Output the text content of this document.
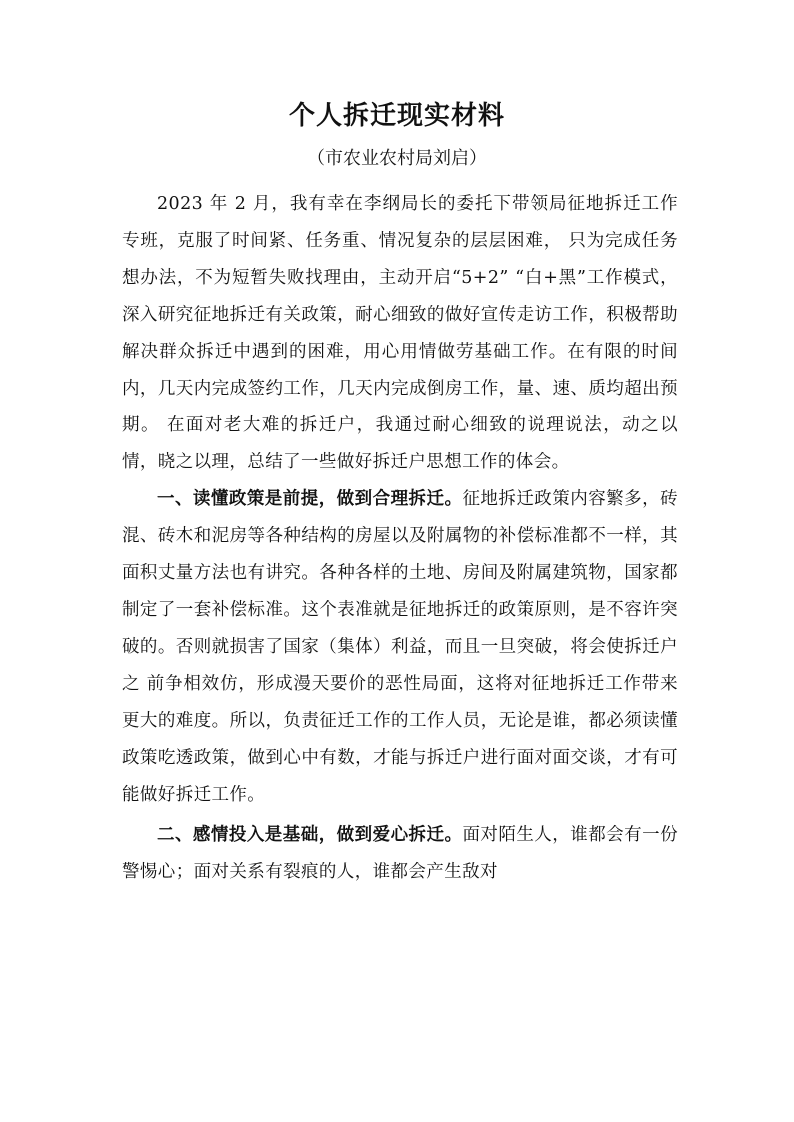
个人拆迁现实材料
（市农业农村局刘启）

2023 年 2 月，我有幸在李纲局长的委托下带领局征地拆迁工作专班，克服了时间紧、任务重、情况复杂的层层困难， 只为完成任务想办法，不为短暂失败找理由，主动开启“5+2” “白+黑”工作模式，深入研究征地拆迁有关政策，耐心细致的做好宣传走访工作，积极帮助解决群众拆迁中遇到的困难，用心用情做劳基础工作。在有限的时间内，几天内完成签约工作，几天内完成倒房工作，量、速、质均超出预期。 在面对老大难的拆迁户，我通过耐心细致的说理说法，动之以情，晓之以理，总结了一些做好拆迁户思想工作的体会。

一、读懂政策是前提，做到合理拆迁。征地拆迁政策内容繁多，砖混、砖木和泥房等各种结构的房屋以及附属物的补偿标准都不一样，其面积丈量方法也有讲究。各种各样的土地、房间及附属建筑物，国家都制定了一套补偿标准。这个表准就是征地拆迁的政策原则，是不容许突破的。否则就损害了国家（集体）利益，而且一旦突破，将会使拆迁户之 前争相效仿，形成漫天要价的恶性局面，这将对征地拆迁工作带来更大的难度。所以，负责征迁工作的工作人员，无论是谁，都必须读懂政策吃透政策，做到心中有数，才能与拆迁户进行面对面交谈，才有可能做好拆迁工作。

二、感情投入是基础，做到爱心拆迁。面对陌生人，谁都会有一份警惕心；面对关系有裂痕的人，谁都会产生敌对
